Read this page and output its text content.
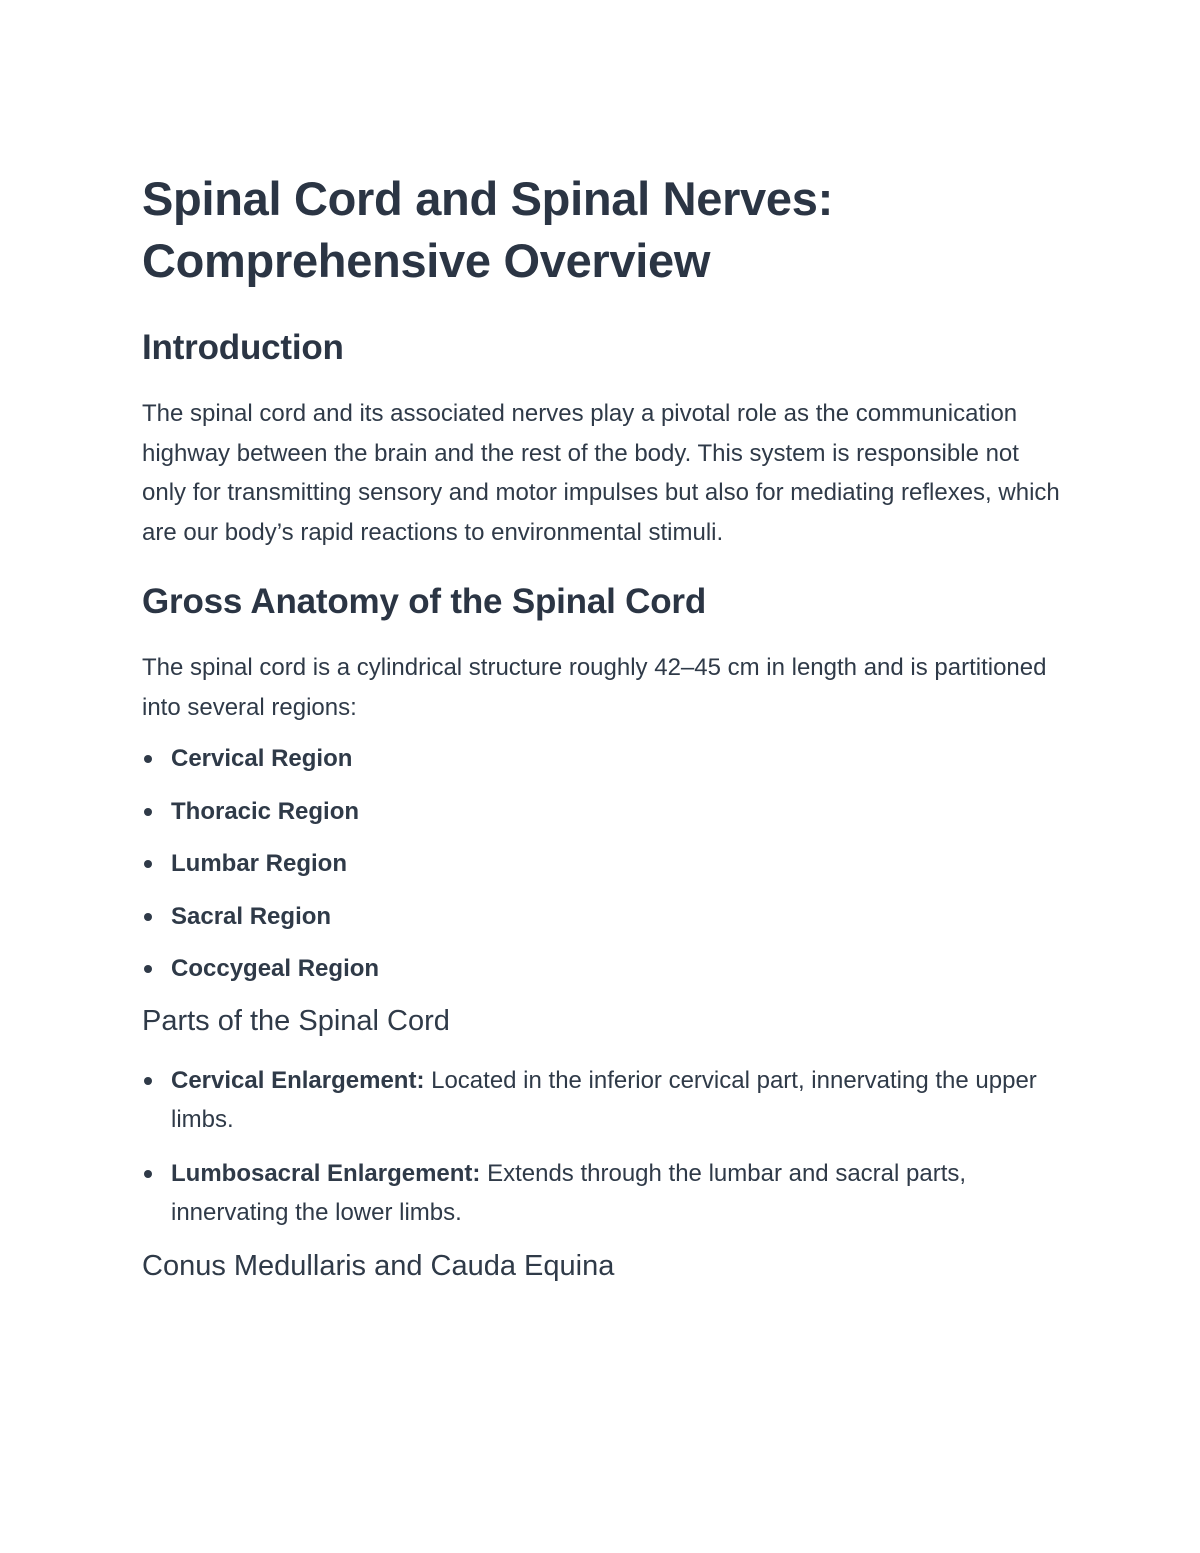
Spinal Cord and Spinal Nerves: Comprehensive Overview
Introduction

The spinal cord and its associated nerves play a pivotal role as the communication highway between the brain and the rest of the body. This system is responsible not only for transmitting sensory and motor impulses but also for mediating reflexes, which are our body’s rapid reactions to environmental stimuli.

Gross Anatomy of the Spinal Cord

The spinal cord is a cylindrical structure roughly 42–45 cm in length and is partitioned into several regions:

Cervical Region
Thoracic Region
Lumbar Region
Sacral Region
Coccygeal Region
Parts of the Spinal Cord
Cervical Enlargement: Located in the inferior cervical part, innervating the upper limbs.
Lumbosacral Enlargement: Extends through the lumbar and sacral parts, innervating the lower limbs.
Conus Medullaris and Cauda Equina
